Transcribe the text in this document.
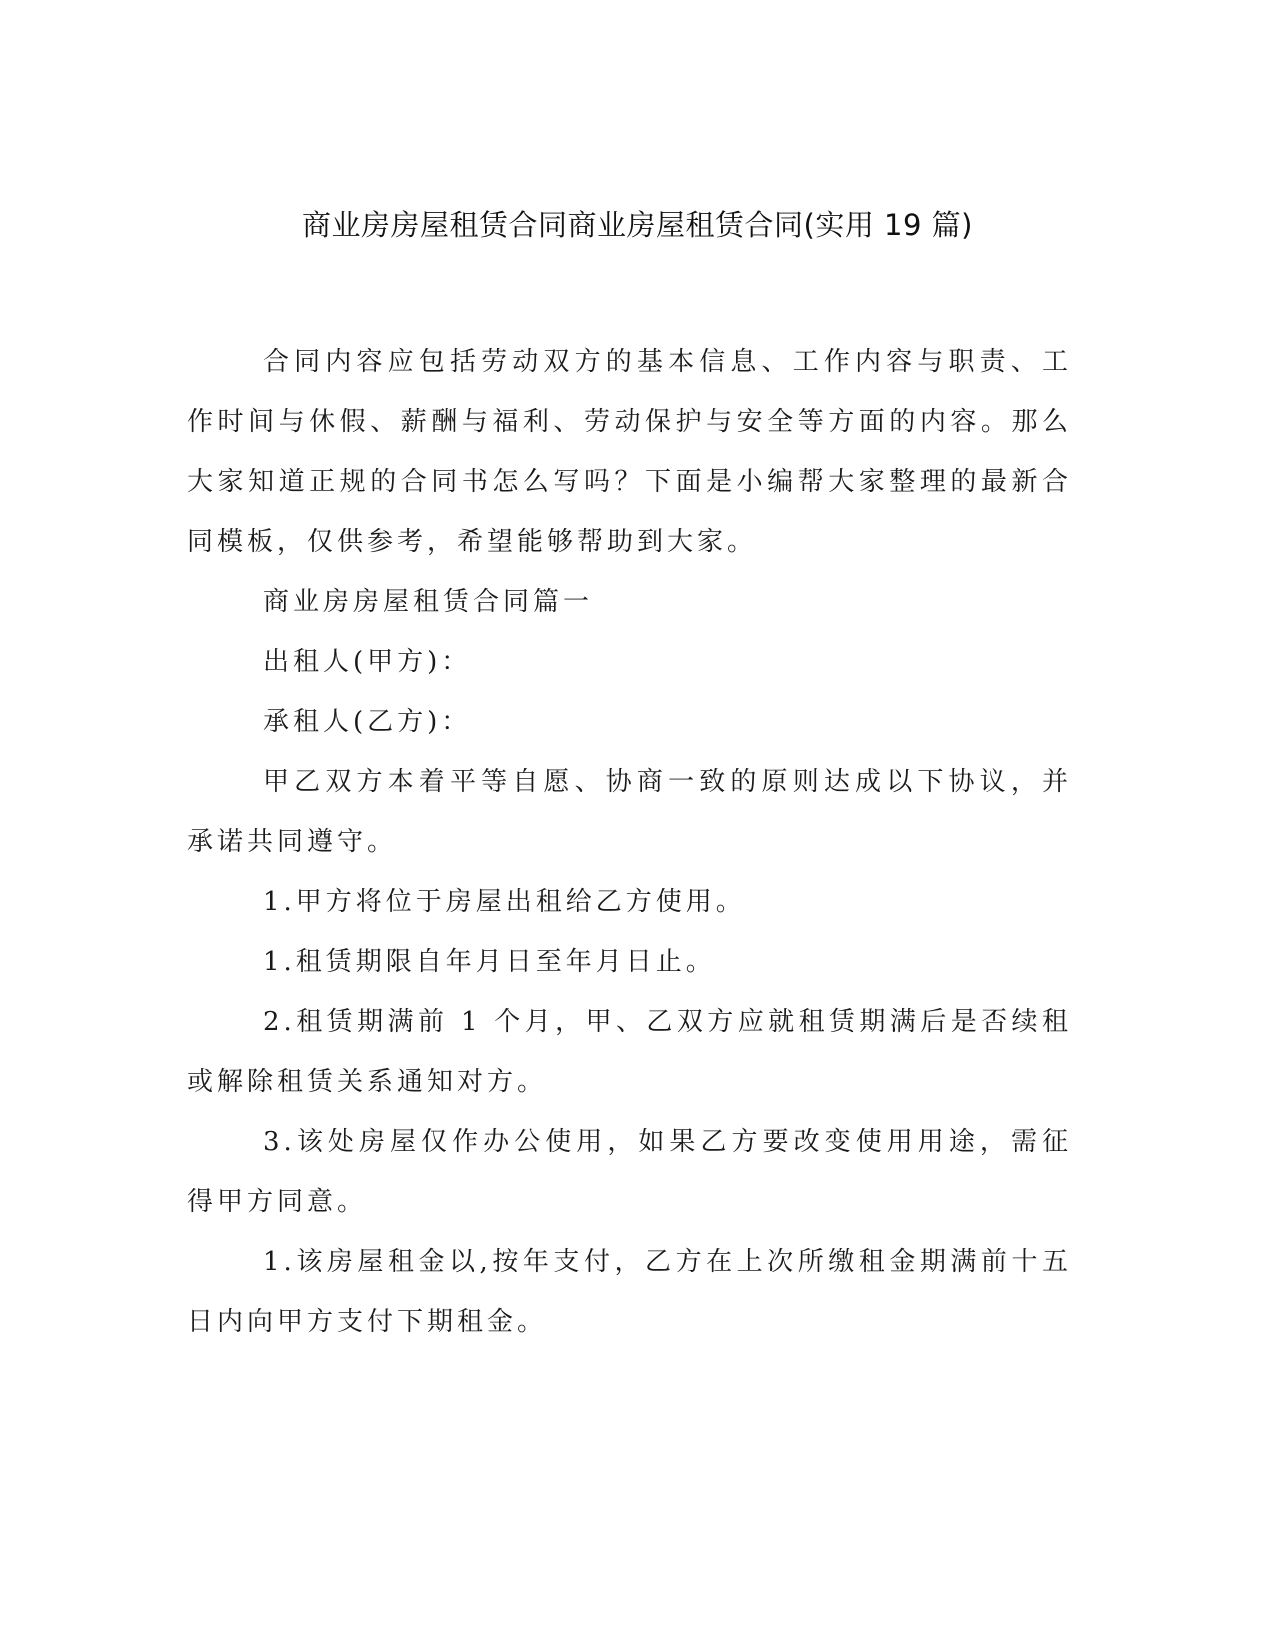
商业房房屋租赁合同商业房屋租赁合同(实用 19 篇)

合同内容应包括劳动双方的基本信息、工作内容与职责、工作时间与休假、薪酬与福利、劳动保护与安全等方面的内容。那么大家知道正规的合同书怎么写吗？下面是小编帮大家整理的最新合同模板，仅供参考，希望能够帮助到大家。

商业房房屋租赁合同篇一

出租人(甲方)：

承租人(乙方)：

甲乙双方本着平等自愿、协商一致的原则达成以下协议，并承诺共同遵守。

1.甲方将位于房屋出租给乙方使用。

1.租赁期限自年月日至年月日止。

2.租赁期满前 1 个月，甲、乙双方应就租赁期满后是否续租或解除租赁关系通知对方。

3.该处房屋仅作办公使用，如果乙方要改变使用用途，需征得甲方同意。

1.该房屋租金以,按年支付，乙方在上次所缴租金期满前十五日内向甲方支付下期租金。
